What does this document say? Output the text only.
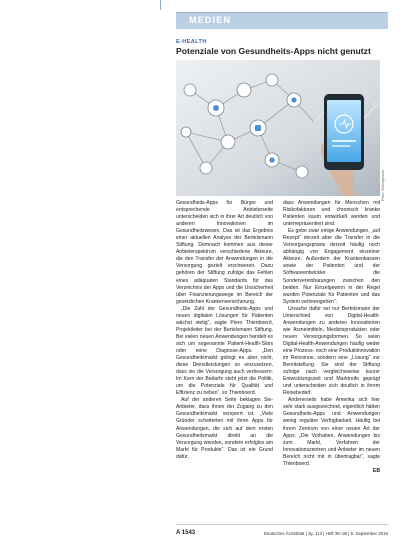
MEDIEN
E-HEALTH
Potenziale von Gesundheits-Apps nicht genutzt
Foto: iStockphoto

Gesundheits-Apps für Bürger und entsprechende Anbieterseite unterscheiden sich in ihrer Art deutlich von anderen Innovationen im Gesundheitswesen. Das ist das Ergebnis einer aktuellen Analyse der Bertelsmann Stiftung. Demnach kommen aus dieser Anbieterspektrum verschiedene Akteure, die den Transfer der Anwendungen in die Versorgung gezielt erschweren. Dazu gehören der Stiftung zufolge das Fehlen eines adäquaten Standards für das Verzeichnis der Apps und die Unsicherheit über Finanzierungswege im Bereich der gesetzlichen Krankenversicherung.

„Die Zahl der Gesundheits-Apps und neuen digitalen Lösungen für Patienten wächst stetig“, sagte Piero Thienboerd, Projektleiter bei der Bertelsmann Stiftung. Bei vielen neuen Anwendungen handelt es sich um sogenannte Patient-Health-Sites oder reine Diagnose-Apps. „Den Gesundheitsmarkt gelingt es aber nicht, diese Dienstleistungen so einzusetzen, dass sie die Versorgung auch verbessern. Im Kern der Bedarfe steht jetzt die Politik, um die Potenziale für Qualität und Effizienz zu heben“, so Thienboerd.

Auf der anderen Seite beklagen Sie-Anbieter, dass ihnen der Zugang zu den Gesundheitsmarkt versperrt ist. „Viele Gründer scheiterten mit ihren Apps für Anwendungen, die sich auf dem ersten Gesundheitsmarkt direkt an die Versorgung wenden, sondern erfolglos am Markt für Produkte“. Das ist ein Grund dafür,

dass Anwendungen für Menschen mit Risikofaktoren und chronisch kranke Patienten kaum entwickelt werden und unterrepräsentiert sind.

Es gebe zwar einige Anwendungen, „auf Rezept“ derzeit aber die Transfer in die Versorgungspraxis derzeit häufig noch abhängig von Engagement einzelner Akteure. Außerdem der Krankenkassen sowie der Patienten und der Softwareentwickler die Sondervereinbarungen zwischen den beiden. Nur Einzelgewinn in der Regel wurden Potenziale für Patienten und das System verlorengehen“.

Ursache dafür sei nur Bertelsmann der Unterschied von Digital-Health-Anwendungen zu anderen Innovationen wie Arzneimitteln, Medizinprodukten oder neuen Versorgungsformen. So seien Digital-Health-Anwendungen häufig weder eine Prozess- noch eine Produktinnovation im Reinsinne, sondern eine „Lösung“ zur Bereitstellung. Sie sind der Stiftung zufolge nach vergleichsweise kurzer Entwicklungszeit und Marktreife geprägt und unterscheiden sich deutlich in ihrem Reisebedarf.

Andererseits habe Amerika sich hier sehr stark ausgezeichnet, eigentlich hätten Gesundheits-Apps und Anwendungen wenig reguläre Verfügbarkeit. Häufig bei ihrem Zentrum von einer neuen Art der Apps. „Die Vorhaben, Anwendungen bis zum Markt, Verfahren der Innovationszentren und Anbieter im neuen Bereich nicht mit in übertragbar“, sagte Thienboerd.

EB

A 1543	Deutsches Ärzteblatt | Jg. 113 | Heft 35–36 | 5. September 2016
